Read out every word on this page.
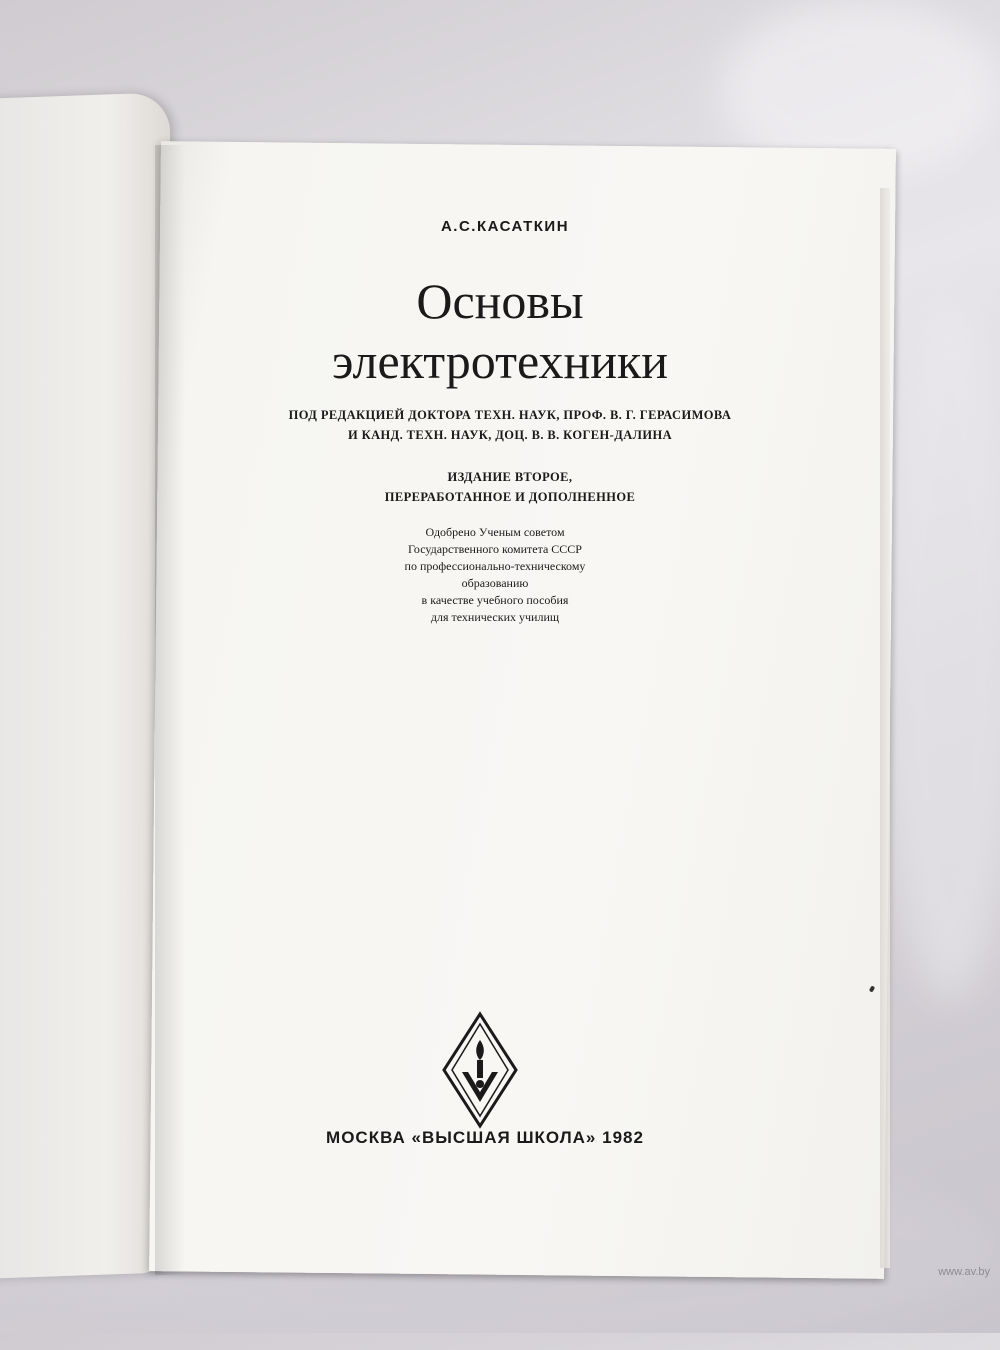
А.С.КАСАТКИН
Основы
электротехники
ПОД РЕДАКЦИЕЙ ДОКТОРА ТЕХН. НАУК, ПРОФ. В. Г. ГЕРАСИМОВА
И КАНД. ТЕХН. НАУК, ДОЦ. В. В. КОГЕН-ДАЛИНА
ИЗДАНИЕ ВТОРОЕ,
ПЕРЕРАБОТАННОЕ И ДОПОЛНЕННОЕ
Одобрено Ученым советом
Государственного комитета СССР
по профессионально-техническому
образованию
в качестве учебного пособия
для технических училищ
МОСКВА «ВЫСШАЯ ШКОЛА» 1982
www.av.by
